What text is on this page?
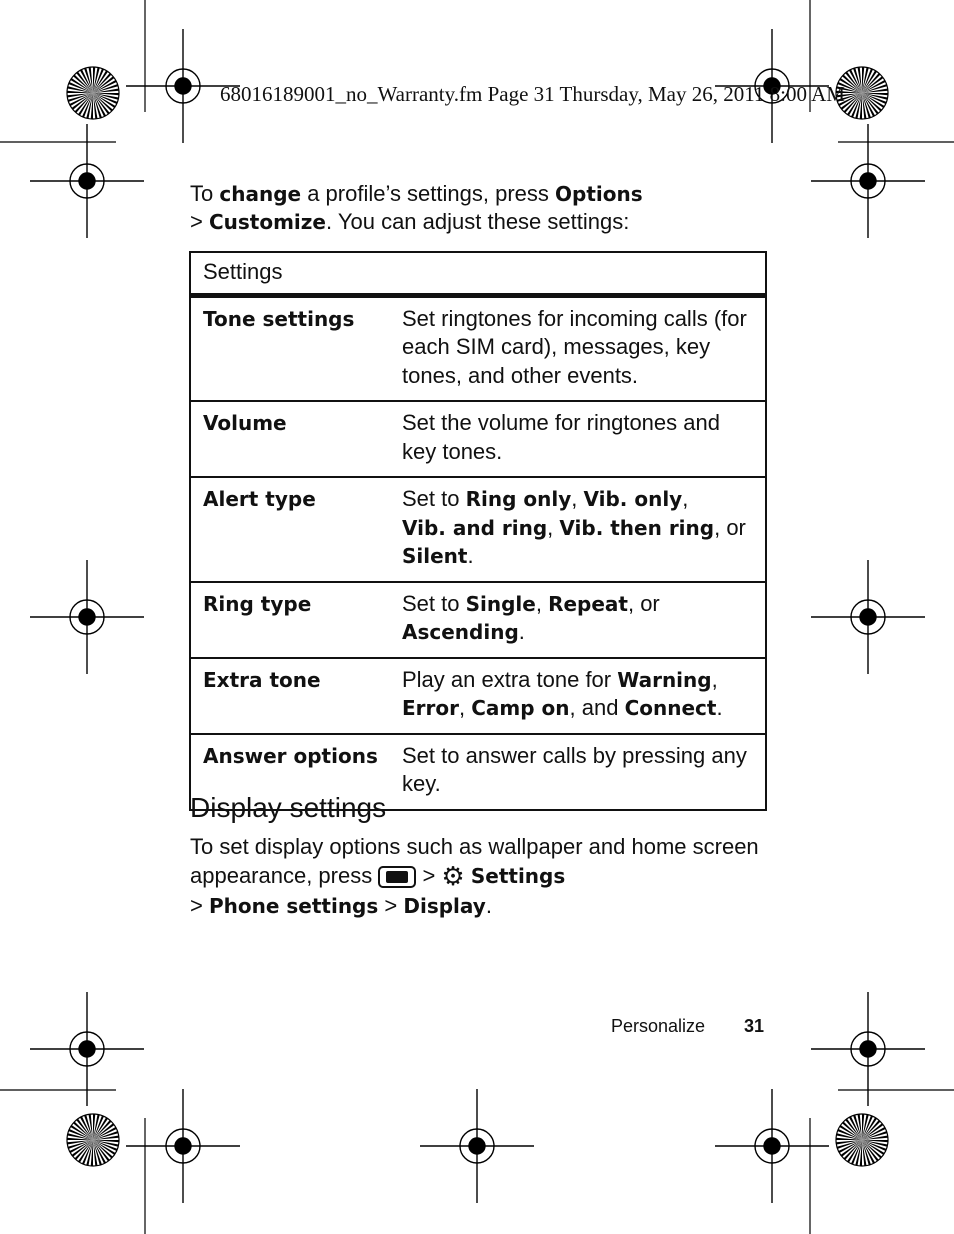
68016189001_no_Warranty.fm Page 31 Thursday, May 26, 2011 8:00 AM
To change a profile’s settings, press Options
> Customize. You can adjust these settings:
Settings	
Tone settings	Set ringtones for incoming calls (for each SIM card), messages, key tones, and other events.
Volume	Set the volume for ringtones and key tones.
Alert type	Set to Ring only, Vib. only,
Vib. and ring, Vib. then ring, or
Silent.
Ring type	Set to Single, Repeat, or
Ascending.
Extra tone	Play an extra tone for Warning,
Error, Camp on, and Connect.
Answer options	Set to answer calls by pressing any key.
Display settings
To set display options such as wallpaper and home screen appearance, press  > ⚙ Settings
> Phone settings > Display.
Personalize 31
